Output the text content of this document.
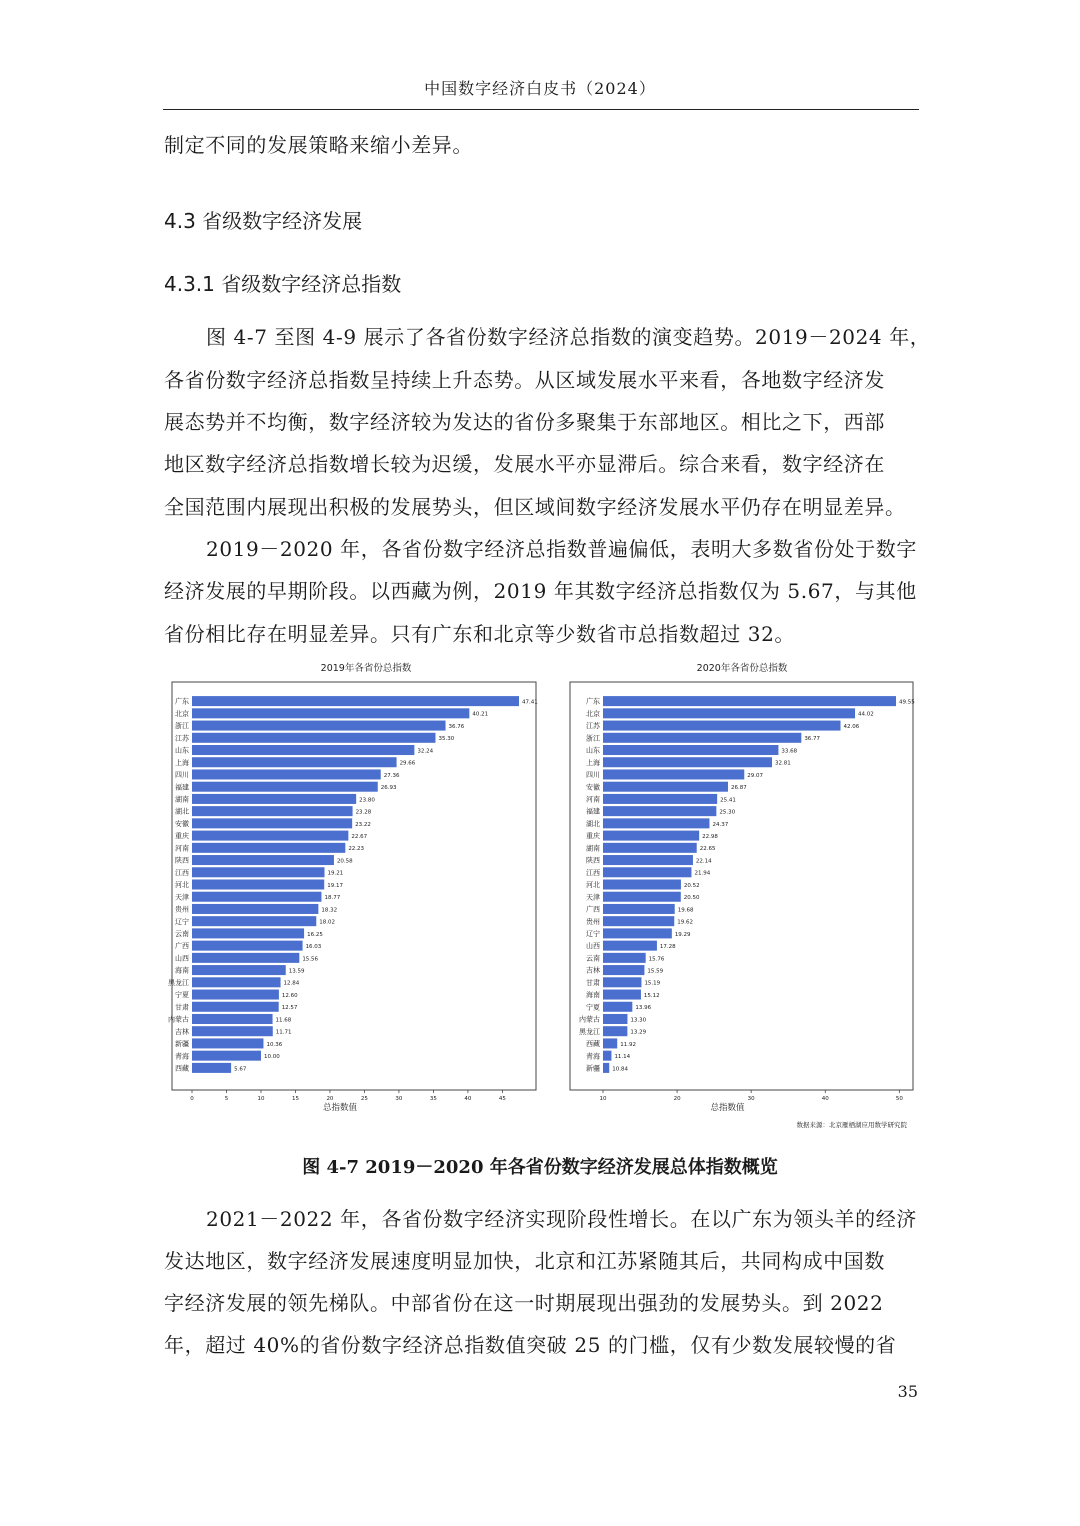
中国数字经济白皮书（2024）
制定不同的发展策略来缩小差异。
4.3 省级数字经济发展
4.3.1 省级数字经济总指数
图 4-7 至图 4-9 展示了各省份数字经济总指数的演变趋势。2019－2024 年，
各省份数字经济总指数呈持续上升态势。从区域发展水平来看，各地数字经济发
展态势并不均衡，数字经济较为发达的省份多聚集于东部地区。相比之下，西部
地区数字经济总指数增长较为迟缓，发展水平亦显滞后。综合来看，数字经济在
全国范围内展现出积极的发展势头，但区域间数字经济发展水平仍存在明显差异。
2019－2020 年，各省份数字经济总指数普遍偏低，表明大多数省份处于数字
经济发展的早期阶段。以西藏为例，2019 年其数字经济总指数仅为 5.67，与其他
省份相比存在明显差异。只有广东和北京等少数省市总指数超过 32。
2019年各省份总指数
广东	47.41
北京	40.21
浙江	36.76
江苏	35.30
山东	32.24
上海	29.66
四川	27.36
福建	26.93
湖南	23.80
湖北	23.28
安徽	23.22
重庆	22.67
河南	22.23
陕西	20.58
江西	19.21
河北	19.17
天津	18.77
贵州	18.32
辽宁	18.02
云南	16.25
广西	16.03
山西	15.56
海南	13.59
黑龙江	12.84
宁夏	12.60
甘肃	12.57
内蒙古	11.68
吉林	11.71
新疆	10.36
青海	10.00
西藏	5.67
0	5	10	15	20	25	30	35	40	45
总指数值
2020年各省份总指数
广东	49.55
北京	44.02
江苏	42.06
浙江	36.77
山东	33.68
上海	32.81
四川	29.07
安徽	26.87
河南	25.41
福建	25.30
湖北	24.37
重庆	22.98
湖南	22.65
陕西	22.14
江西	21.94
河北	20.52
天津	20.50
广西	19.68
贵州	19.62
辽宁	19.29
山西	17.28
云南	15.76
吉林	15.59
甘肃	15.19
海南	15.12
宁夏	13.96
内蒙古	13.30
黑龙江	13.29
西藏	11.92
青海	11.14
新疆 10.84
10	20	30	40	50
总指数值
数据来源：北京雁栖湖应用数学研究院
图 4-7 2019－2020 年各省份数字经济发展总体指数概览
2021－2022 年，各省份数字经济实现阶段性增长。在以广东为领头羊的经济
发达地区，数字经济发展速度明显加快，北京和江苏紧随其后，共同构成中国数
字经济发展的领先梯队。中部省份在这一时期展现出强劲的发展势头。到 2022
年，超过 40%的省份数字经济总指数值突破 25 的门槛，仅有少数发展较慢的省
35
